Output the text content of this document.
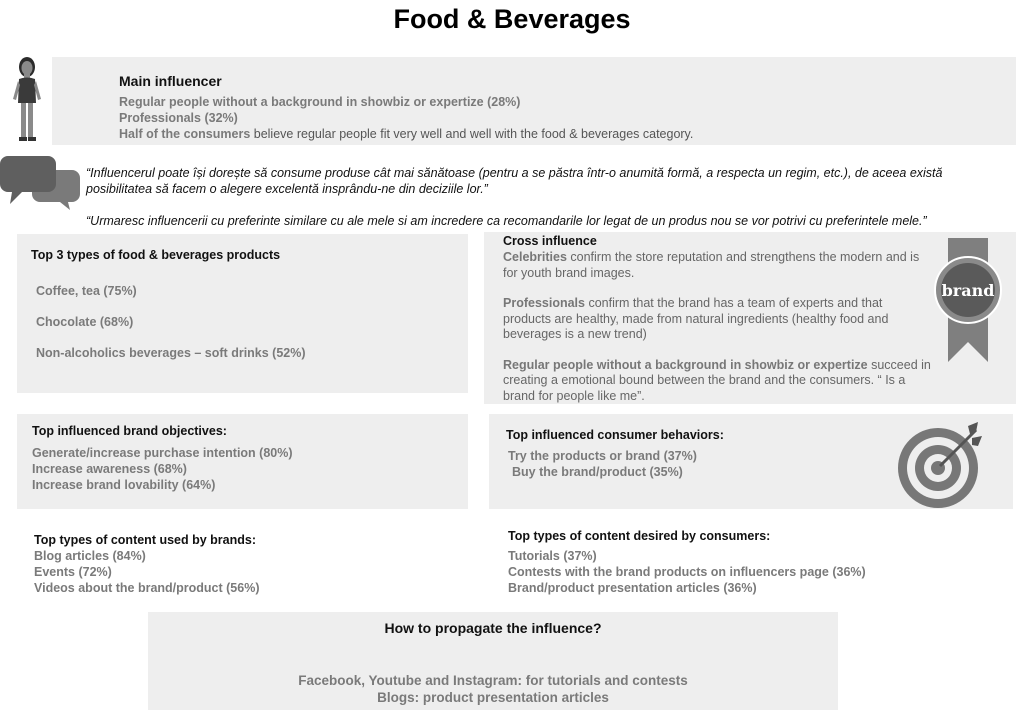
Food & Beverages
Main influencer
Regular people without a background in showbiz or expertize (28%)
Professionals (32%)
Half of the consumers believe regular people fit very well and well with the food & beverages category.
“Influencerul poate își dorește să consume produse cât mai sănătoase (pentru a se păstra într-o anumită formă, a respecta un regim, etc.), de aceea există posibilitatea să facem o alegere excelentă insprându-ne din deciziile lor.”
“Urmaresc influencerii cu preferinte similare cu ale mele si am incredere ca recomandarile lor legat de un produs nou se vor potrivi cu preferintele mele.”
Top 3 types of food & beverages products
Coffee, tea (75%)
Chocolate (68%)
Non-alcoholics beverages – soft drinks (52%)
Cross influence

Celebrities confirm the store reputation and strengthens the modern and is for youth brand images.

Professionals confirm that the brand has a team of experts and that products are healthy, made from natural ingredients (healthy food and beverages is a new trend)

Regular people without a background in showbiz or expertize succeed in creating a emotional bound between the brand and the consumers. “ Is a brand for people like me”.

brand
Top influenced brand objectives:
Generate/increase purchase intention (80%)
Increase awareness (68%)
Increase brand lovability (64%)
Top influenced consumer behaviors:
Try the products or brand (37%)
Buy the brand/product (35%)
Top types of content used by brands:
Blog articles (84%)
Events (72%)
Videos about the brand/product (56%)
Top types of content desired by consumers:
Tutorials (37%)
Contests with the brand products on influencers page (36%)
Brand/product presentation articles (36%)
How to propagate the influence?
Facebook, Youtube and Instagram: for tutorials and contests
Blogs: product presentation articles
